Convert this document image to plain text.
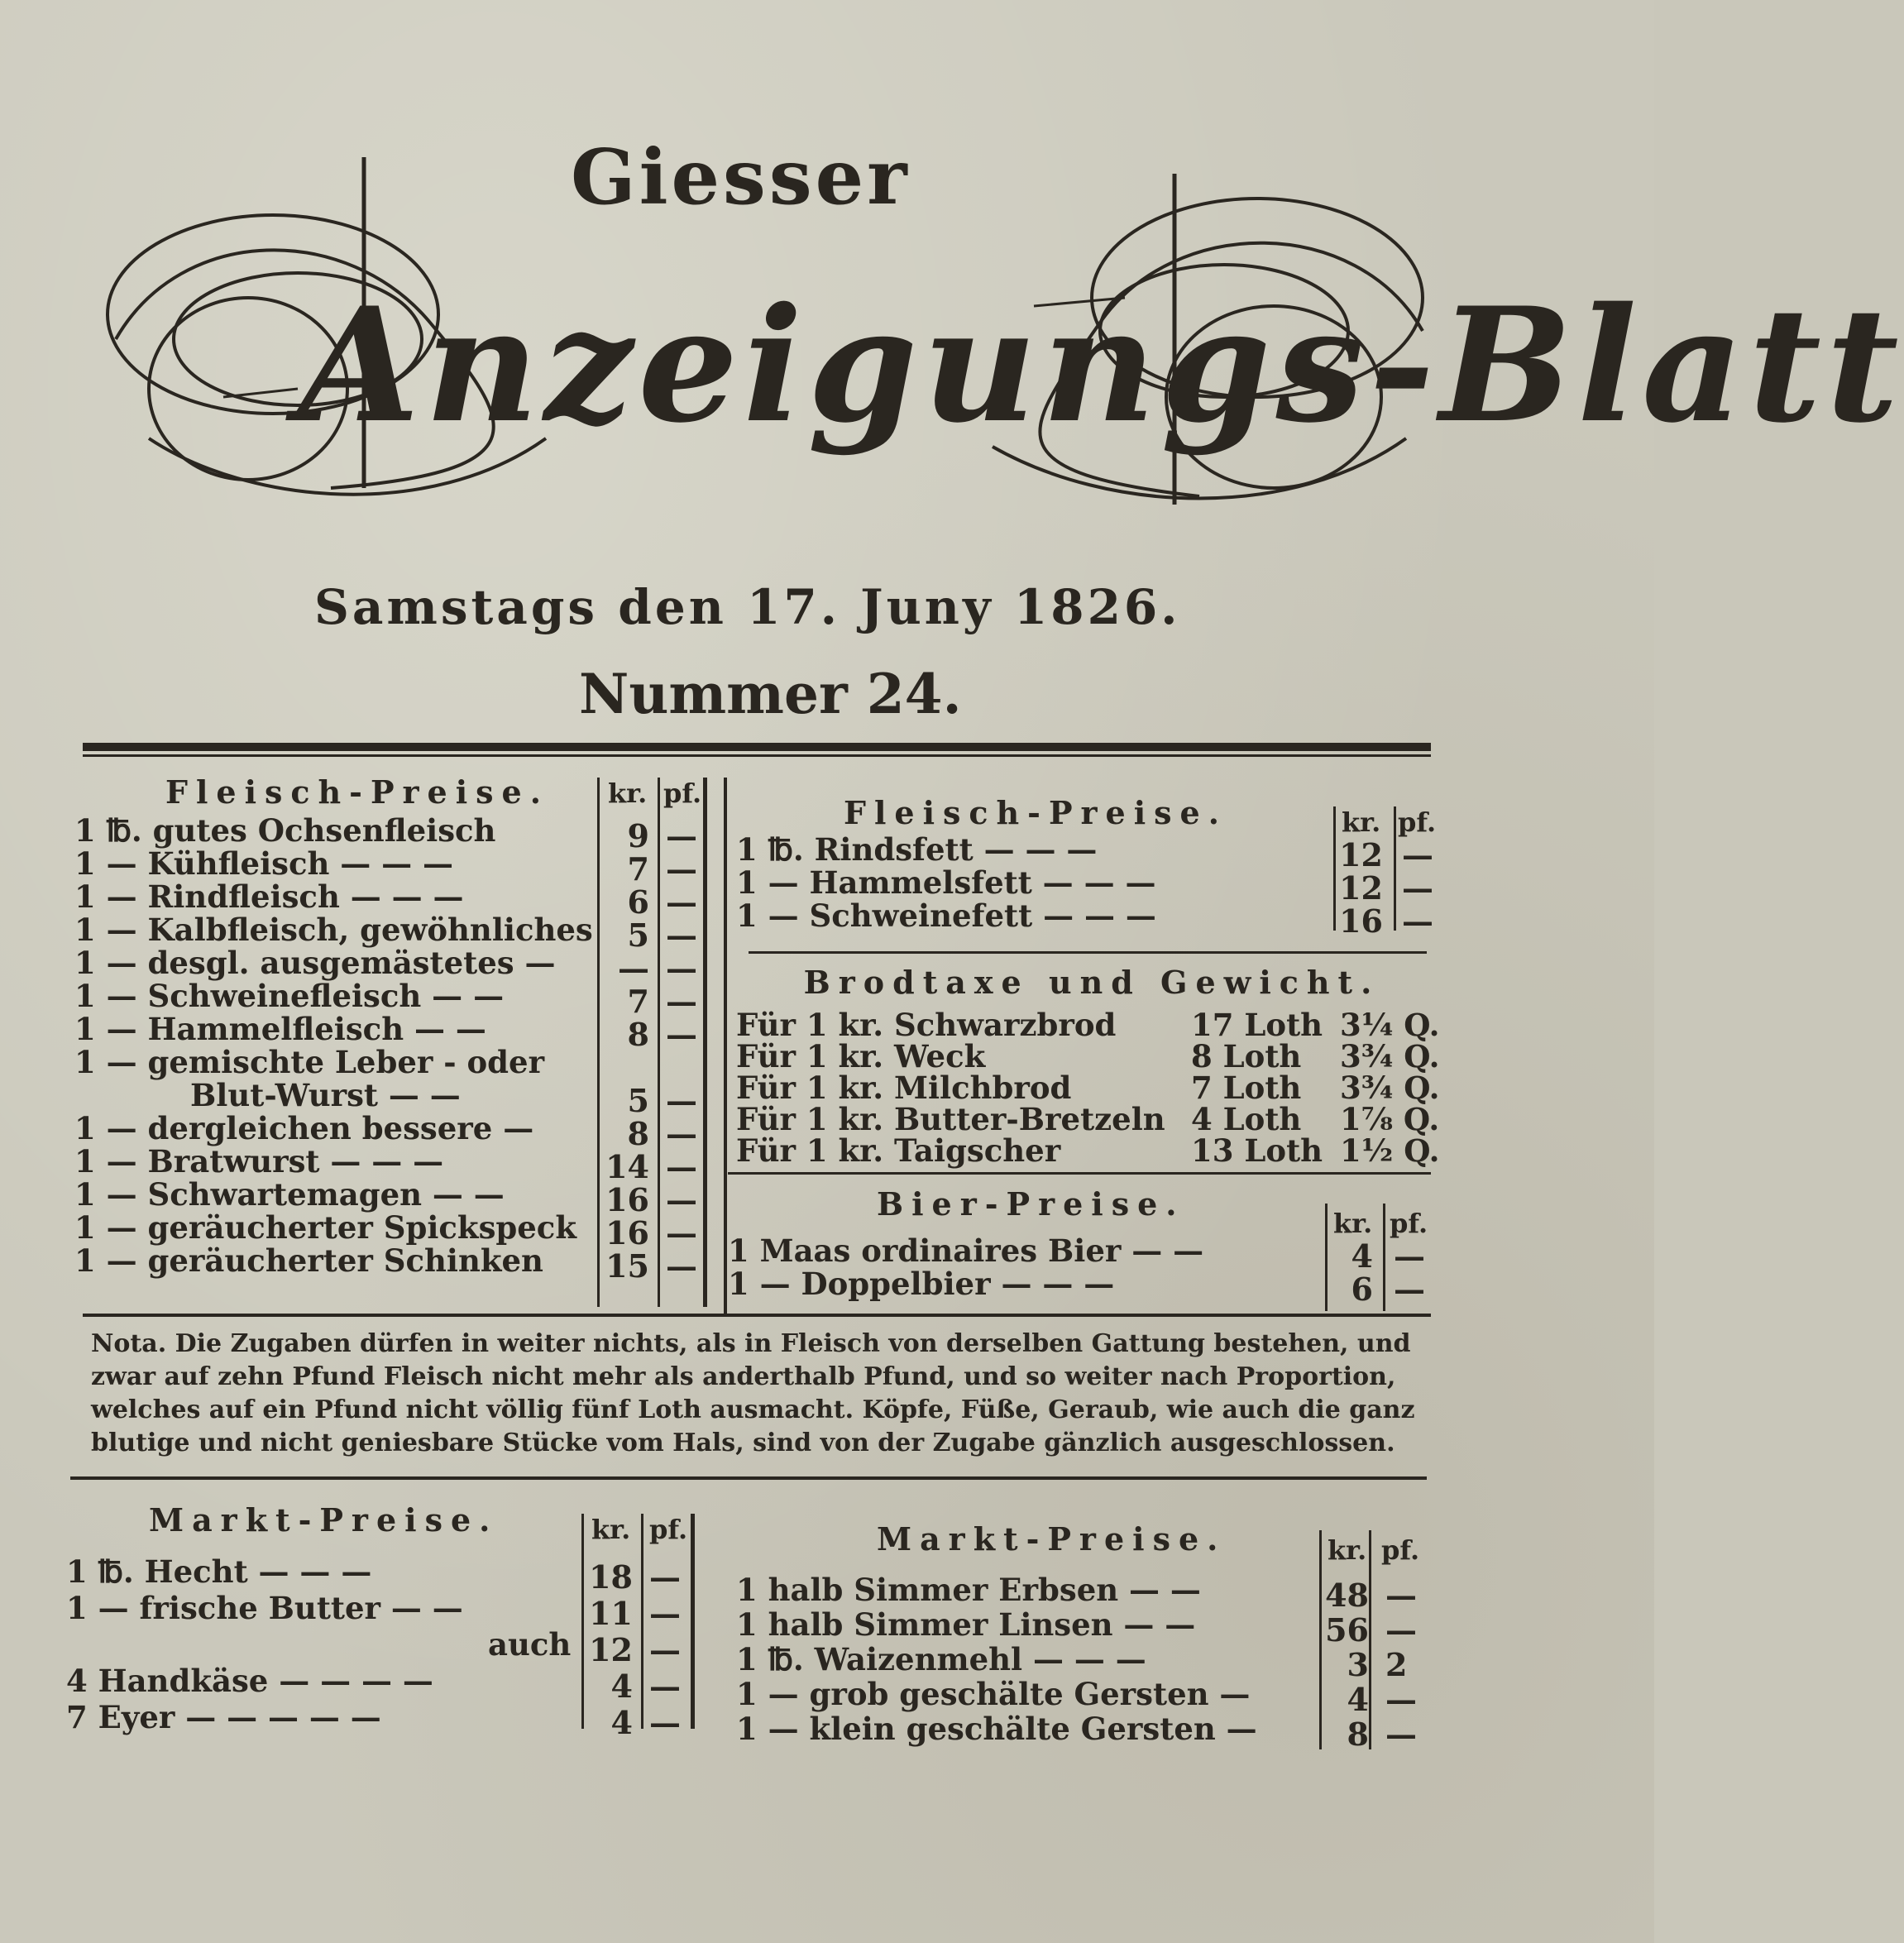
Giesser
Anzeigungs-Blatt
Samstags den 17. Juny 1826.
Nummer 24.
Fleisch-Preise. kr. pf.
1 ℔. gutes Ochsenfleisch	9 —
1 — Kühfleisch — — —	7 —
1 — Rindfleisch — — —	6 —
1 — Kalbfleisch, gewöhnliches	5 —
1 — desgl. ausgemästetes —	— —
1 — Schweinefleisch — —	7 —
1 — Hammelfleisch — —	8 —
1 — gemischte Leber - oder
Blut-Wurst — —	5 —
1 — dergleichen bessere —	8 —
1 — Bratwurst — — —	14 —
1 — Schwartemagen — —	16 —
1 — geräucherter Spickspeck 16 —
1 — geräucherter Schinken 15 —
Fleisch-Preise.	kr. pf.
1 ℔. Rindsfett — — —	12 —
1 — Hammelsfett — — —	12 —
1 — Schweinefett — — —	16 —
Brodtaxe und Gewicht.
Für 1 kr. Schwarzbrod 17 Loth 3¼ Q.
Für 1 kr. Weck	8 Loth 3¾ Q.
Für 1 kr. Milchbrod	7 Loth 3¾ Q.
Für 1 kr. Butter-Bretzeln 4 Loth 1⅞ Q.
Für 1 kr. Taigscher	13 Loth 1½ Q.
Bier-Preise.
kr. pf.
1 Maas ordinaires Bier — —	4 —
1 — Doppelbier — — —	6 —
Nota. Die Zugaben dürfen in weiter nichts, als in Fleisch von derselben Gattung bestehen, und zwar auf zehn Pfund Fleisch nicht mehr als anderthalb Pfund, und so weiter nach Proportion, welches auf ein Pfund nicht völlig fünf Loth ausmacht. Köpfe, Füße, Geraub, wie auch die ganz blutige und nicht geniesbare Stücke vom Hals, sind von der Zugabe gänzlich ausgeschlossen.
Markt-Preise.	kr. pf.
1 ℔. Hecht — — —	18 —
1 — frische Butter — —	11 —
auch 12 —
4 Handkäse — — — —	4 —
7 Eyer — — — — —	4 —
Markt-Preise.	kr. pf.
1 halb Simmer Erbsen — —	48 —
1 halb Simmer Linsen — —	56 —
1 ℔. Waizenmehl — — —	3 2
1 — grob geschälte Gersten —	4 —
1 — klein geschälte Gersten —	8 —
